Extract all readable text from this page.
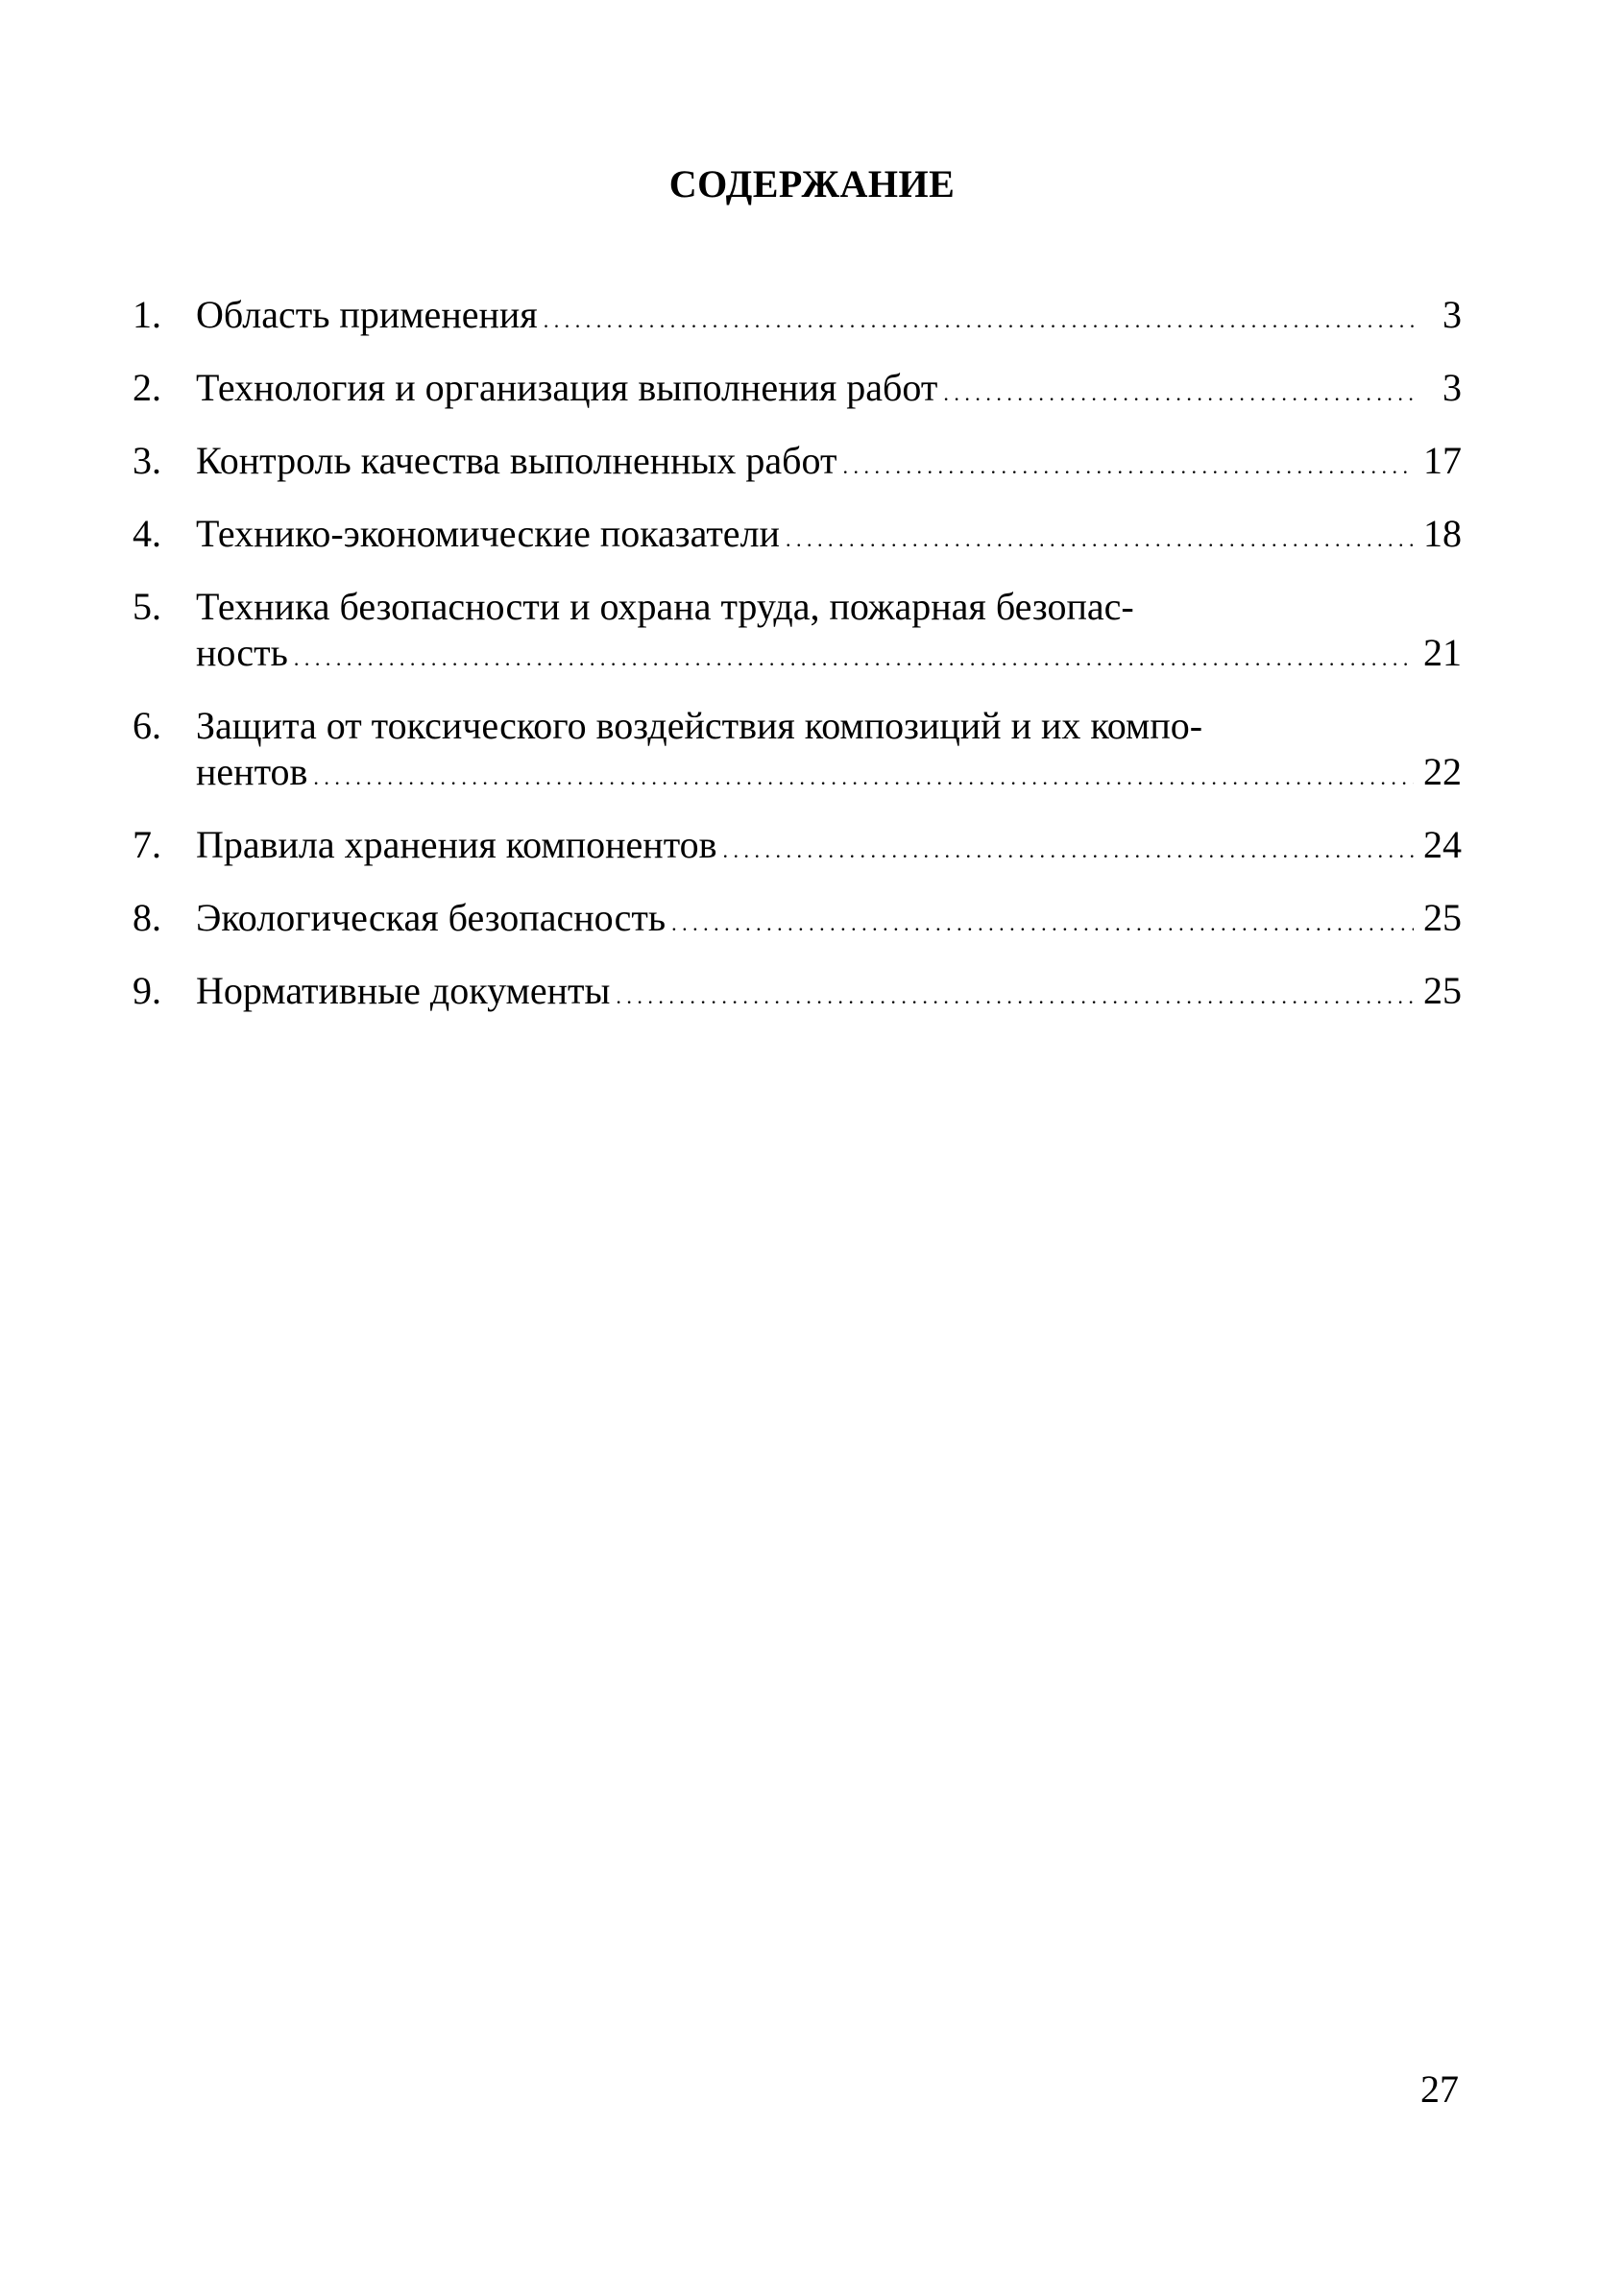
СОДЕРЖАНИЕ
1. Область применения . . .	3
2. Технология и организация выполнения работ . . .	3
3. Контроль качества выполненных работ . . .	17
4. Технико-экономические показатели . . .	18
5. Техника безопасности и охрана труда, пожарная безопас-
ность . . .	21
6. Защита от токсического воздействия композиций и их компо-
нентов . . .	22
7. Правила хранения компонентов . . .	24
8. Экологическая безопасность . . .	25
9. Нормативные документы . . .	25
27
